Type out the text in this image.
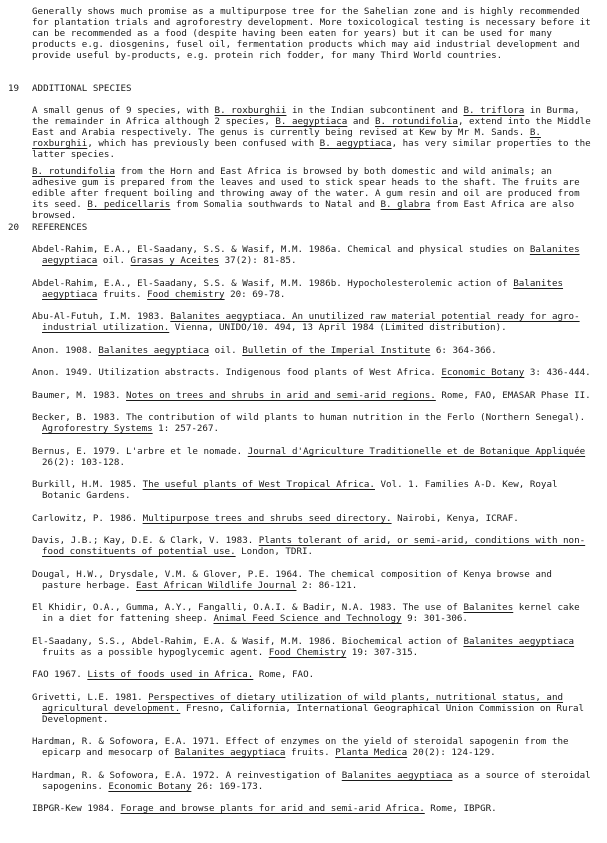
Generally shows much promise as a multipurpose tree for the Sahelian zone and is highly recommended for plantation trials and agroforestry development. More toxicological testing is necessary before it can be recommended as a food (despite having been eaten for years) but it can be used for many products e.g. diosgenins, fusel oil, fermentation products which may aid industrial development and provide useful by-products, e.g. protein rich fodder, for many Third World countries.
19	ADDITIONAL SPECIES

A small genus of 9 species, with B. roxburghii in the Indian subcontinent and B. triflora in Burma, the remainder in Africa although 2 species, B. aegyptiaca and B. rotundifolia, extend into the Middle East and Arabia respectively. The genus is currently being revised at Kew by Mr M. Sands. B. roxburghii, which has previously been confused with B. aegyptiaca, has very similar properties to the latter species.

B. rotundifolia from the Horn and East Africa is browsed by both domestic and wild animals; an adhesive gum is prepared from the leaves and used to stick spear heads to the shaft. The fruits are edible after frequent boiling and throwing away of the water. A gum resin and oil are produced from its seed. B. pedicellaris from Somalia southwards to Natal and B. glabra from East Africa are also browsed.

20	REFERENCES

Abdel-Rahim, E.A., El-Saadany, S.S. & Wasif, M.M. 1986a. Chemical and physical studies on Balanites aegyptiaca oil. Grasas y Aceites 37(2): 81-85.
Abdel-Rahim, E.A., El-Saadany, S.S. & Wasif, M.M. 1986b. Hypocholesterolemic action of Balanites aegyptiaca fruits. Food chemistry 20: 69-78.
Abu-Al-Futuh, I.M. 1983. Balanites aegyptiaca. An unutilized raw material potential ready for agro-industrial utilization. Vienna, UNIDO/10. 494, 13 April 1984 (Limited distribution).
Anon. 1908. Balanites aegyptiaca oil. Bulletin of the Imperial Institute 6: 364-366.
Anon. 1949. Utilization abstracts. Indigenous food plants of West Africa. Economic Botany 3: 436-444.
Baumer, M. 1983. Notes on trees and shrubs in arid and semi-arid regions. Rome, FAO, EMASAR Phase II.
Becker, B. 1983. The contribution of wild plants to human nutrition in the Ferlo (Northern Senegal). Agroforestry Systems 1: 257-267.
Bernus, E. 1979. L'arbre et le nomade. Journal d'Agriculture Traditionelle et de Botanique Appliquée 26(2): 103-128.
Burkill, H.M. 1985. The useful plants of West Tropical Africa. Vol. 1. Families A-D. Kew, Royal Botanic Gardens.
Carlowitz, P. 1986. Multipurpose trees and shrubs seed directory. Nairobi, Kenya, ICRAF.
Davis, J.B.; Kay, D.E. & Clark, V. 1983. Plants tolerant of arid, or semi-arid, conditions with non-food constituents of potential use. London, TDRI.
Dougal, H.W., Drysdale, V.M. & Glover, P.E. 1964. The chemical composition of Kenya browse and pasture herbage. East African Wildlife Journal 2: 86-121.
El Khidir, O.A., Gumma, A.Y., Fangalli, O.A.I. & Badir, N.A. 1983. The use of Balanites kernel cake in a diet for fattening sheep. Animal Feed Science and Technology 9: 301-306.
El-Saadany, S.S., Abdel-Rahim, E.A. & Wasif, M.M. 1986. Biochemical action of Balanites aegyptiaca fruits as a possible hypoglycemic agent. Food Chemistry 19: 307-315.
FAO 1967. Lists of foods used in Africa. Rome, FAO.
Grivetti, L.E. 1981. Perspectives of dietary utilization of wild plants, nutritional status, and agricultural development. Fresno, California, International Geographical Union Commission on Rural Development.
Hardman, R. & Sofowora, E.A. 1971. Effect of enzymes on the yield of steroidal sapogenin from the epicarp and mesocarp of Balanites aegyptiaca fruits. Planta Medica 20(2): 124-129.
Hardman, R. & Sofowora, E.A. 1972. A reinvestigation of Balanites aegyptiaca as a source of steroidal sapogenins. Economic Botany 26: 169-173.
IBPGR-Kew 1984. Forage and browse plants for arid and semi-arid Africa. Rome, IBPGR.
